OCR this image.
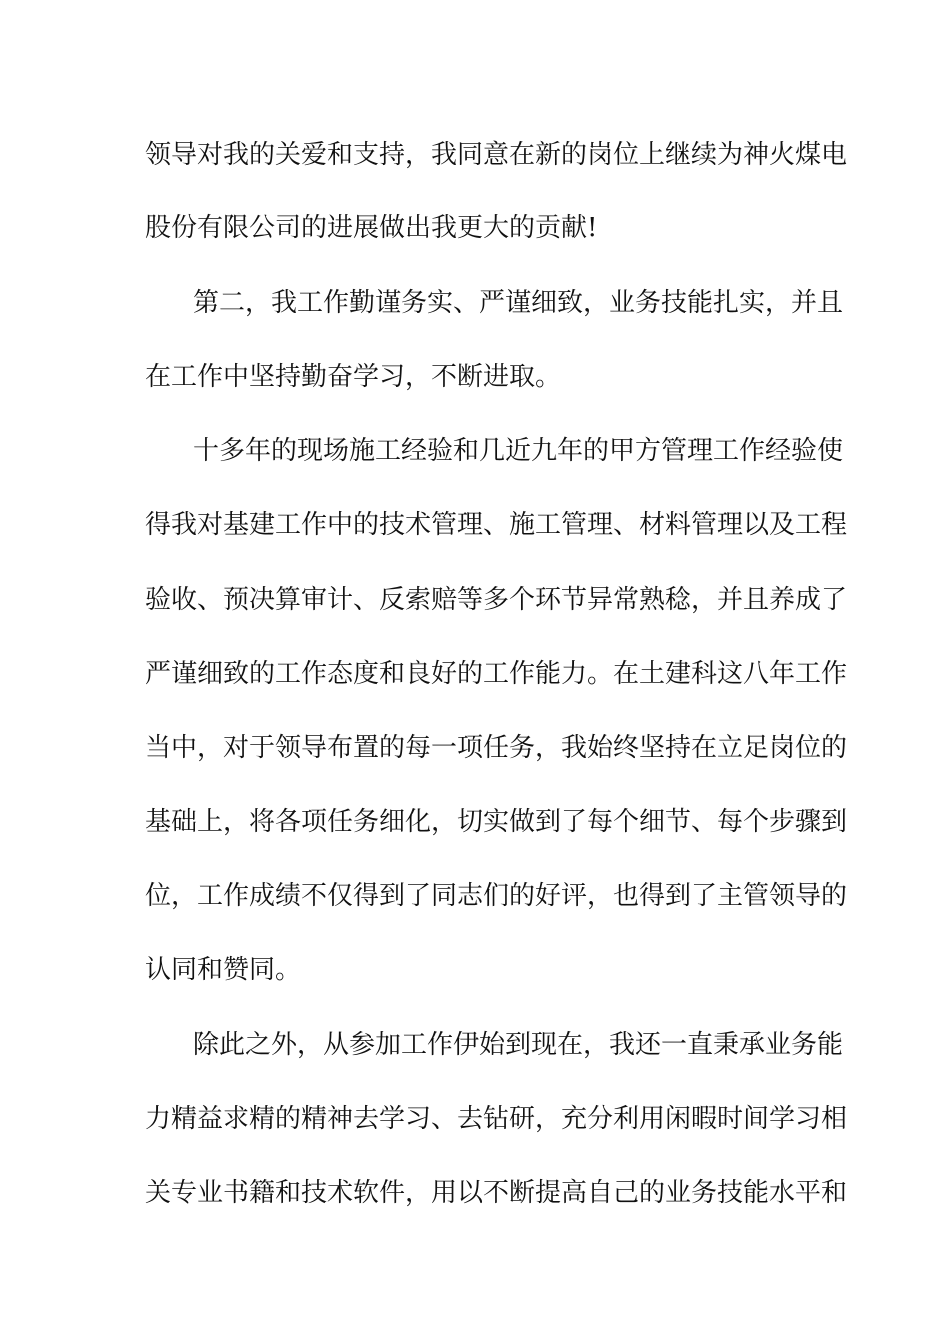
领导对我的关爱和支持，我同意在新的岗位上继续为神火煤电
股份有限公司的进展做出我更大的贡献!
第二，我工作勤谨务实、严谨细致，业务技能扎实，并且
在工作中坚持勤奋学习，不断进取。
十多年的现场施工经验和几近九年的甲方管理工作经验使
得我对基建工作中的技术管理、施工管理、材料管理以及工程
验收、预决算审计、反索赔等多个环节异常熟稔，并且养成了
严谨细致的工作态度和良好的工作能力。在土建科这八年工作
当中，对于领导布置的每一项任务，我始终坚持在立足岗位的
基础上，将各项任务细化，切实做到了每个细节、每个步骤到
位，工作成绩不仅得到了同志们的好评，也得到了主管领导的
认同和赞同。
除此之外，从参加工作伊始到现在，我还一直秉承业务能
力精益求精的精神去学习、去钻研，充分利用闲暇时间学习相
关专业书籍和技术软件，用以不断提高自己的业务技能水平和
